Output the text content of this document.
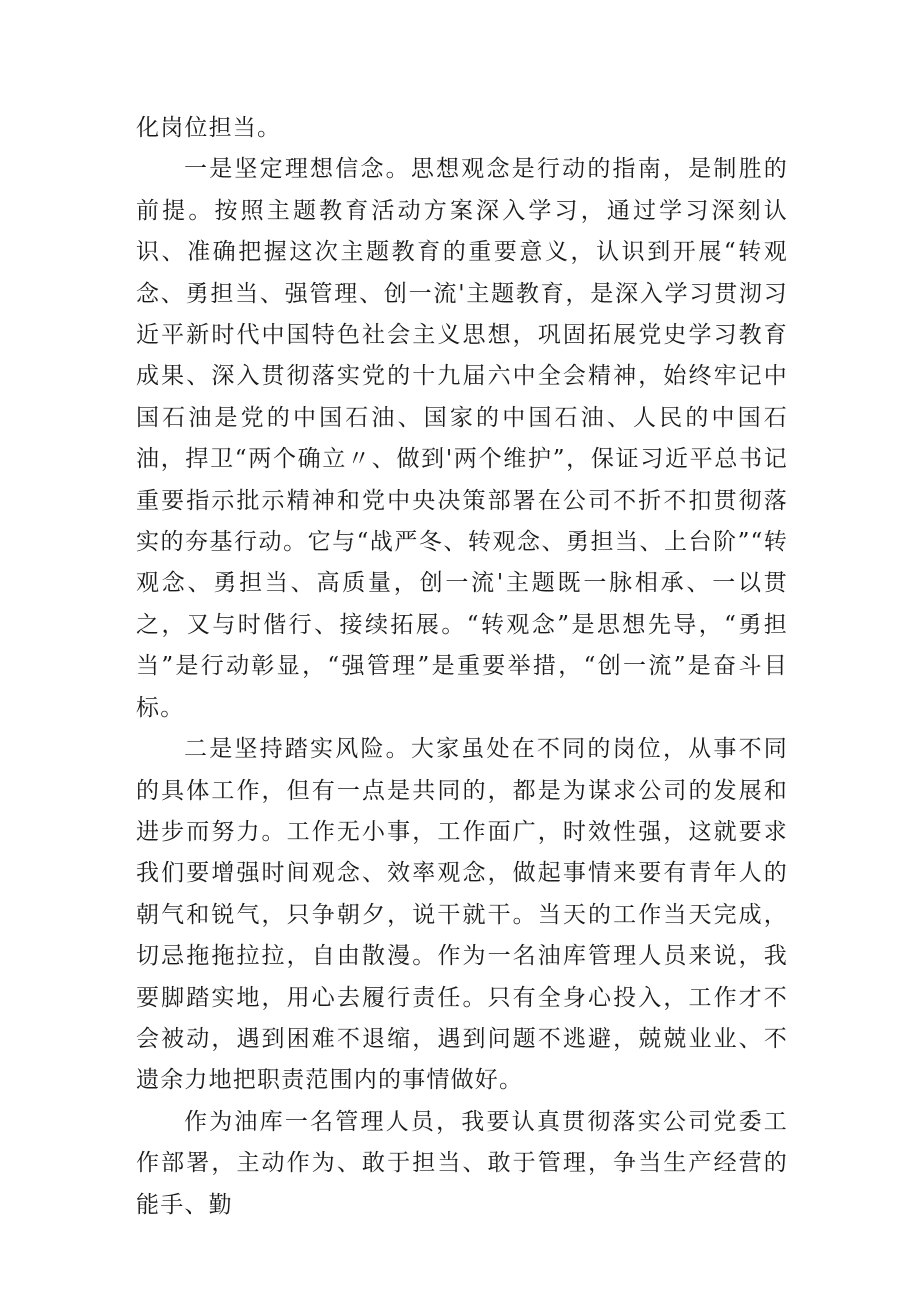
化岗位担当。

一是坚定理想信念。思想观念是行动的指南，是制胜的前提。按照主题教育活动方案深入学习，通过学习深刻认识、准确把握这次主题教育的重要意义，认识到开展“转观念、勇担当、强管理、创一流'主题教育，是深入学习贯沏习近平新时代中国特色社会主义思想，巩固拓展党史学习教育成果、深入贯彻落实党的十九届六中全会精神，始终牢记中国石油是党的中国石油、国家的中国石油、人民的中国石油，捍卫“两个确立〃、做到'两个维护”，保证习近平总书记重要指示批示精神和党中央决策部署在公司不折不扣贯彻落实的夯基行动。它与“战严冬、转观念、勇担当、上台阶”“转观念、勇担当、高质量，创一流'主题既一脉相承、一以贯之，又与时偕行、接续拓展。“转观念”是思想先导，“勇担当”是行动彰显，“强管理”是重要举措，“创一流”是奋斗目标。

二是坚持踏实风险。大家虽处在不同的岗位，从事不同的具体工作，但有一点是共同的，都是为谋求公司的发展和进步而努力。工作无小事，工作面广，时效性强，这就要求我们要增强时间观念、效率观念，做起事情来要有青年人的朝气和锐气，只争朝夕，说干就干。当天的工作当天完成，切忌拖拖拉拉，自由散漫。作为一名油库管理人员来说，我要脚踏实地，用心去履行责任。只有全身心投入，工作才不会被动，遇到困难不退缩，遇到问题不逃避，兢兢业业、不遗余力地把职责范围内的事情做好。

作为油库一名管理人员，我要认真贯彻落实公司党委工作部署，主动作为、敢于担当、敢于管理，争当生产经营的能手、勤
